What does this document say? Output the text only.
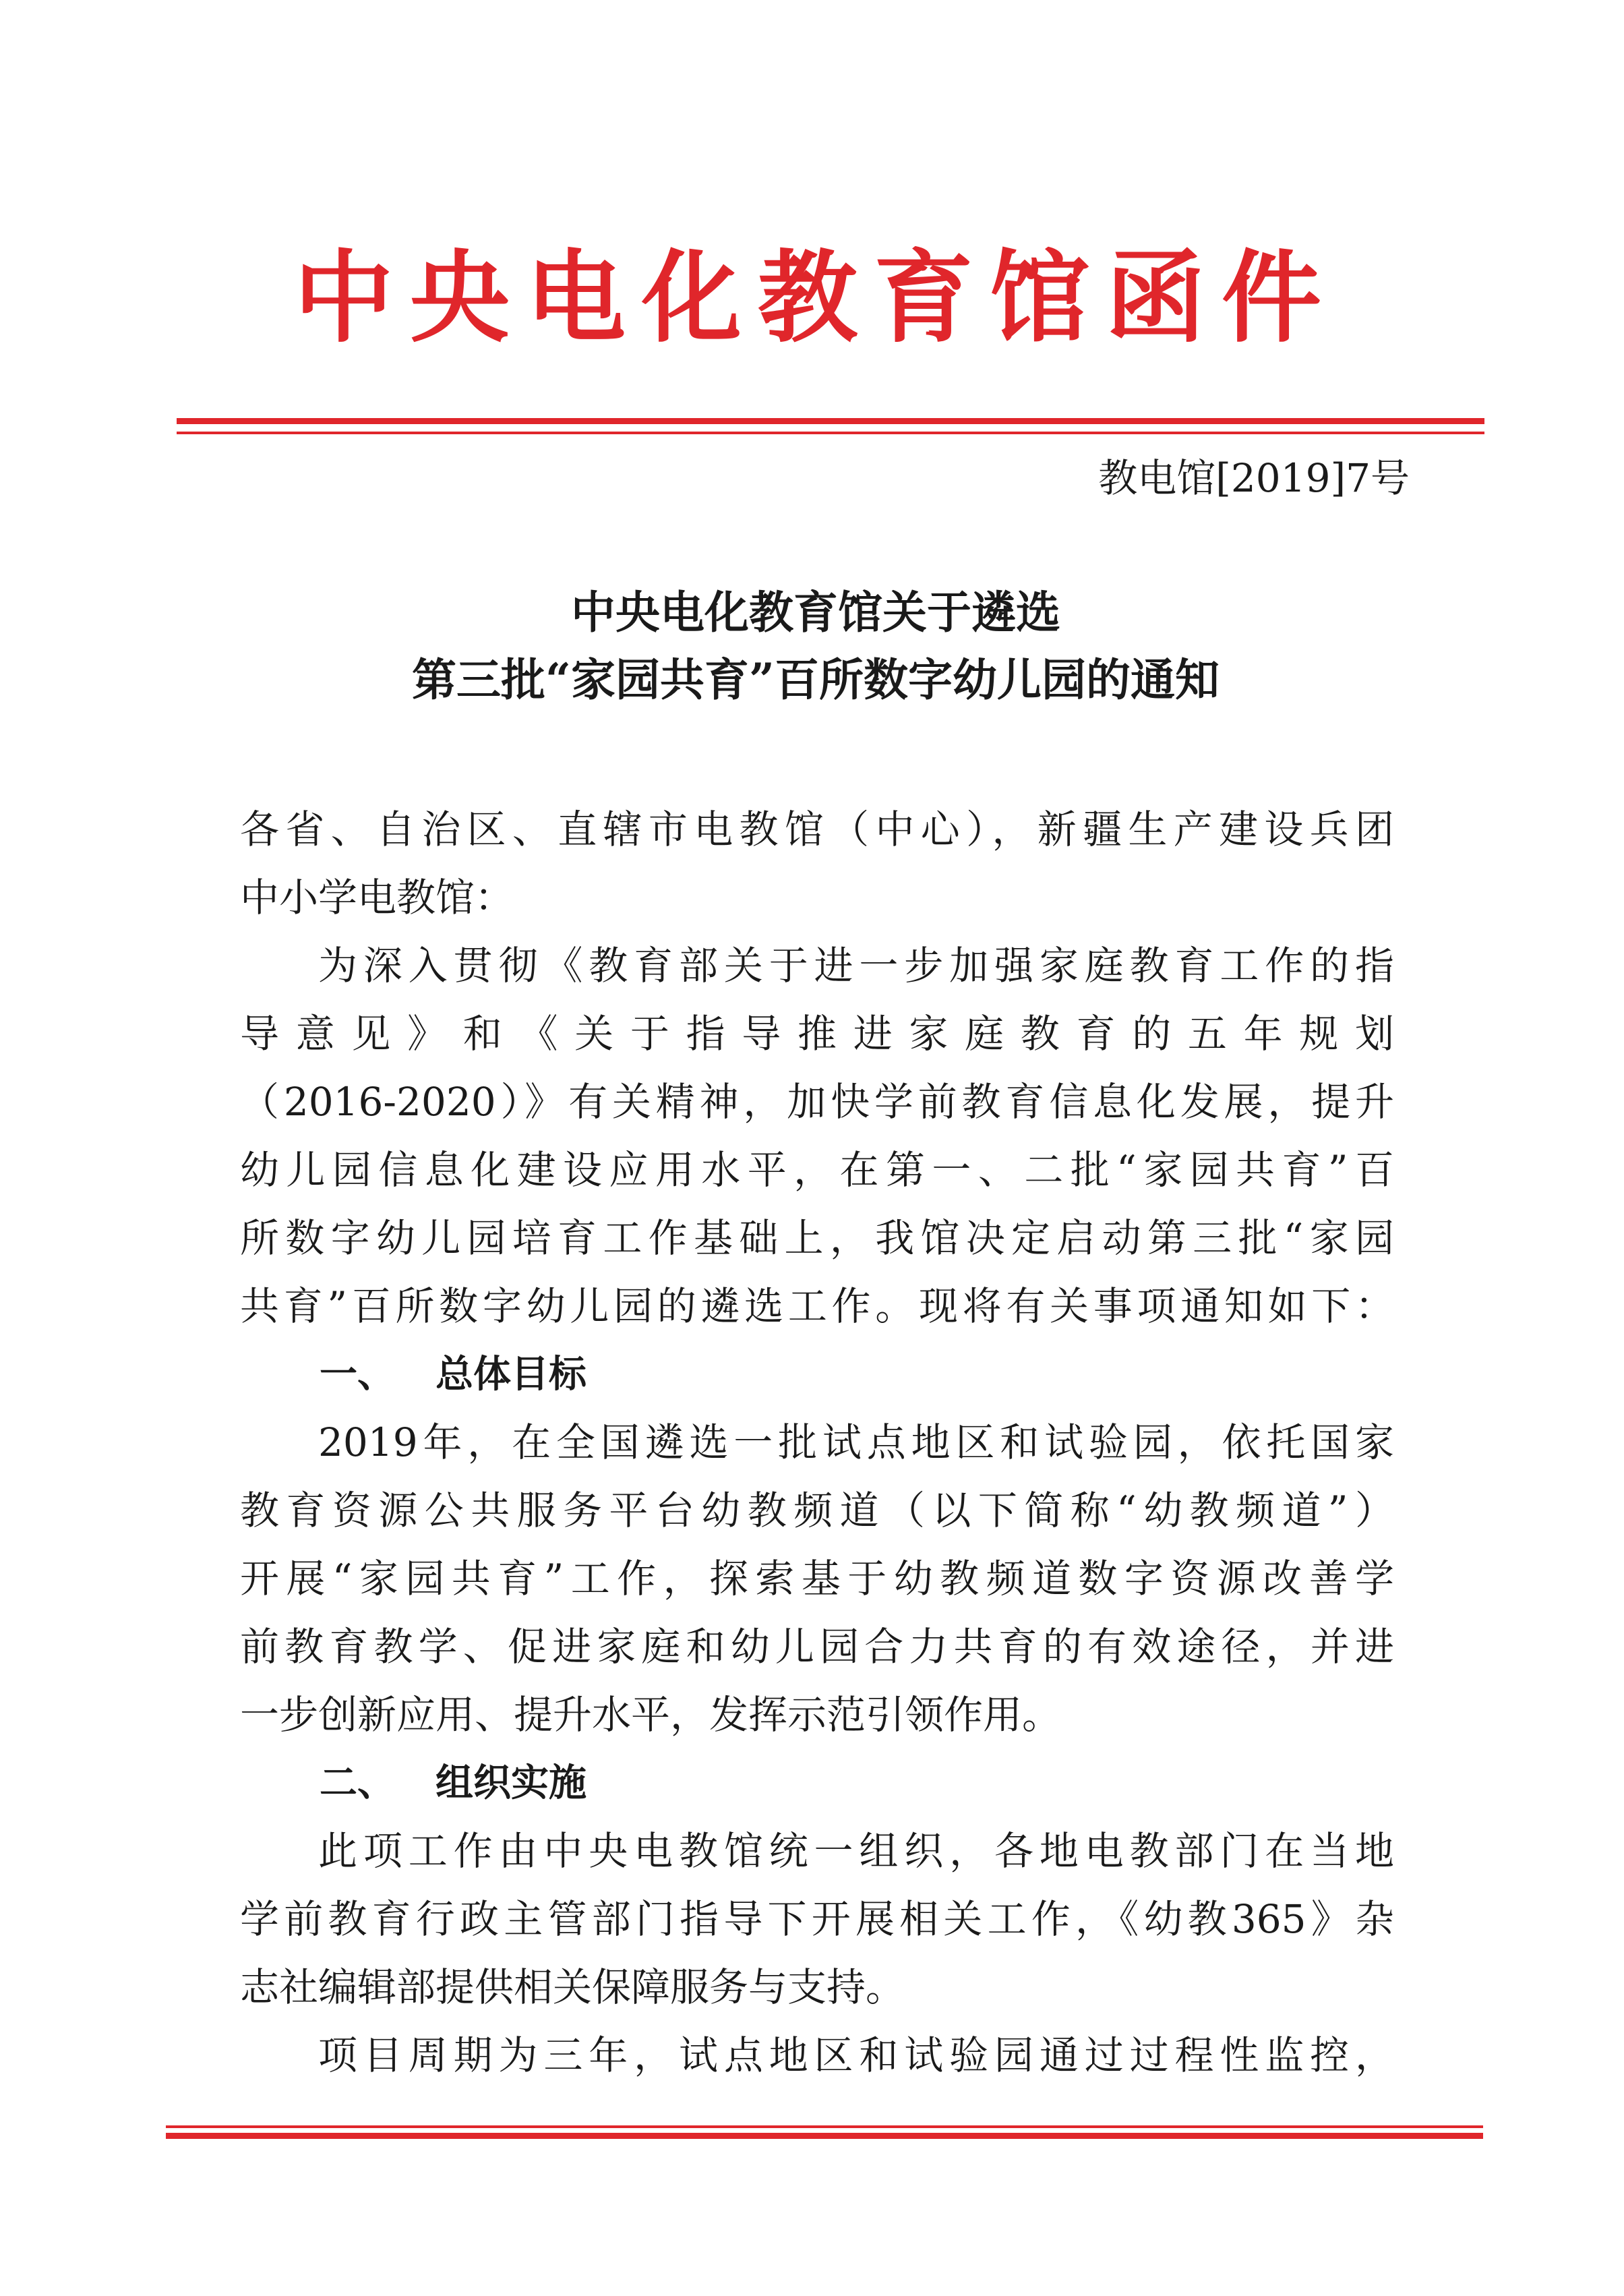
中央电化教育馆函件
教电馆[2019]7号
中央电化教育馆关于遴选
第三批“家园共育”百所数字幼儿园的通知
各省、自治区、直辖市电教馆（中心），新疆生产建设兵团
中小学电教馆：
为深入贯彻《教育部关于进一步加强家庭教育工作的指
导意见》和《关于指导推进家庭教育的五年规划
（2016-2020）》有关精神，加快学前教育信息化发展，提升
幼儿园信息化建设应用水平，在第一、二批“家园共育”百
所数字幼儿园培育工作基础上，我馆决定启动第三批“家园
共育”百所数字幼儿园的遴选工作。现将有关事项通知如下：
一、 总体目标
2019年，在全国遴选一批试点地区和试验园，依托国家
教育资源公共服务平台幼教频道（以下简称“幼教频道”）
开展“家园共育”工作，探索基于幼教频道数字资源改善学
前教育教学、促进家庭和幼儿园合力共育的有效途径，并进
一步创新应用、提升水平，发挥示范引领作用。
二、 组织实施
此项工作由中央电教馆统一组织，各地电教部门在当地
学前教育行政主管部门指导下开展相关工作，《幼教365》杂
志社编辑部提供相关保障服务与支持。
项目周期为三年，试点地区和试验园通过过程性监控，
